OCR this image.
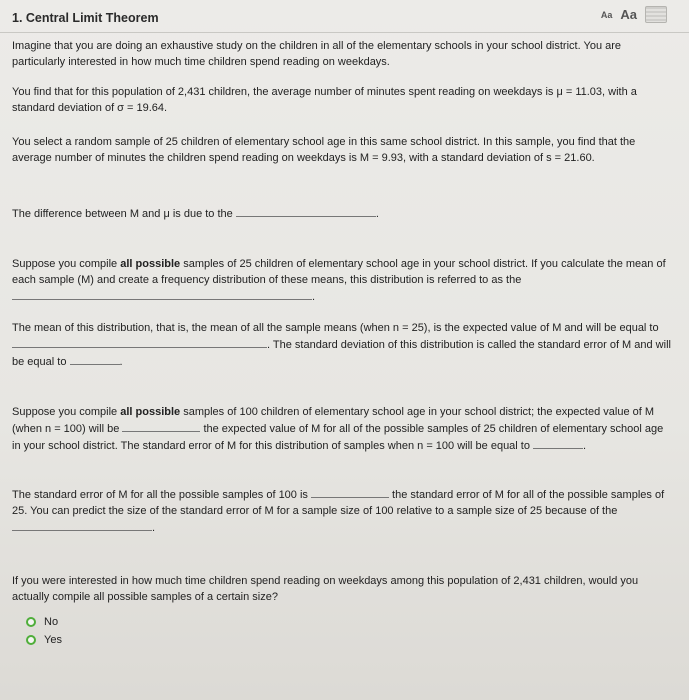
1. Central Limit Theorem	Aa Aa

Imagine that you are doing an exhaustive study on the children in all of the elementary schools in your school district. You are particularly interested in how much time children spend reading on weekdays.

You find that for this population of 2,431 children, the average number of minutes spent reading on weekdays is μ = 11.03, with a standard deviation of σ = 19.64.

You select a random sample of 25 children of elementary school age in this same school district. In this sample, you find that the average number of minutes the children spend reading on weekdays is M = 9.93, with a standard deviation of s = 21.60.

The difference between M and μ is due to the	.

Suppose you compile all possible samples of 25 children of elementary school age in your school district. If you calculate the mean of each sample (M) and create a frequency distribution of these means, this distribution is referred to as the .

The mean of this distribution, that is, the mean of all the sample means (when n = 25), is the expected value of M and will be equal to . The standard deviation of this distribution is called the standard error of M and will be equal to	.

Suppose you compile all possible samples of 100 children of elementary school age in your school district; the expected value of M (when n = 100) will be	the expected value of M for all of the possible samples of 25 children of elementary school age in your school district. The standard error of M for this distribution of samples when n = 100 will be equal to	.

The standard error of M for all the possible samples of 100 is	the standard error of M for all of the possible samples of 25. You can predict the size of the standard error of M for a sample size of 100 relative to a sample size of 25 because of the .

If you were interested in how much time children spend reading on weekdays among this population of 2,431 children, would you actually compile all possible samples of a certain size?

No
Yes
